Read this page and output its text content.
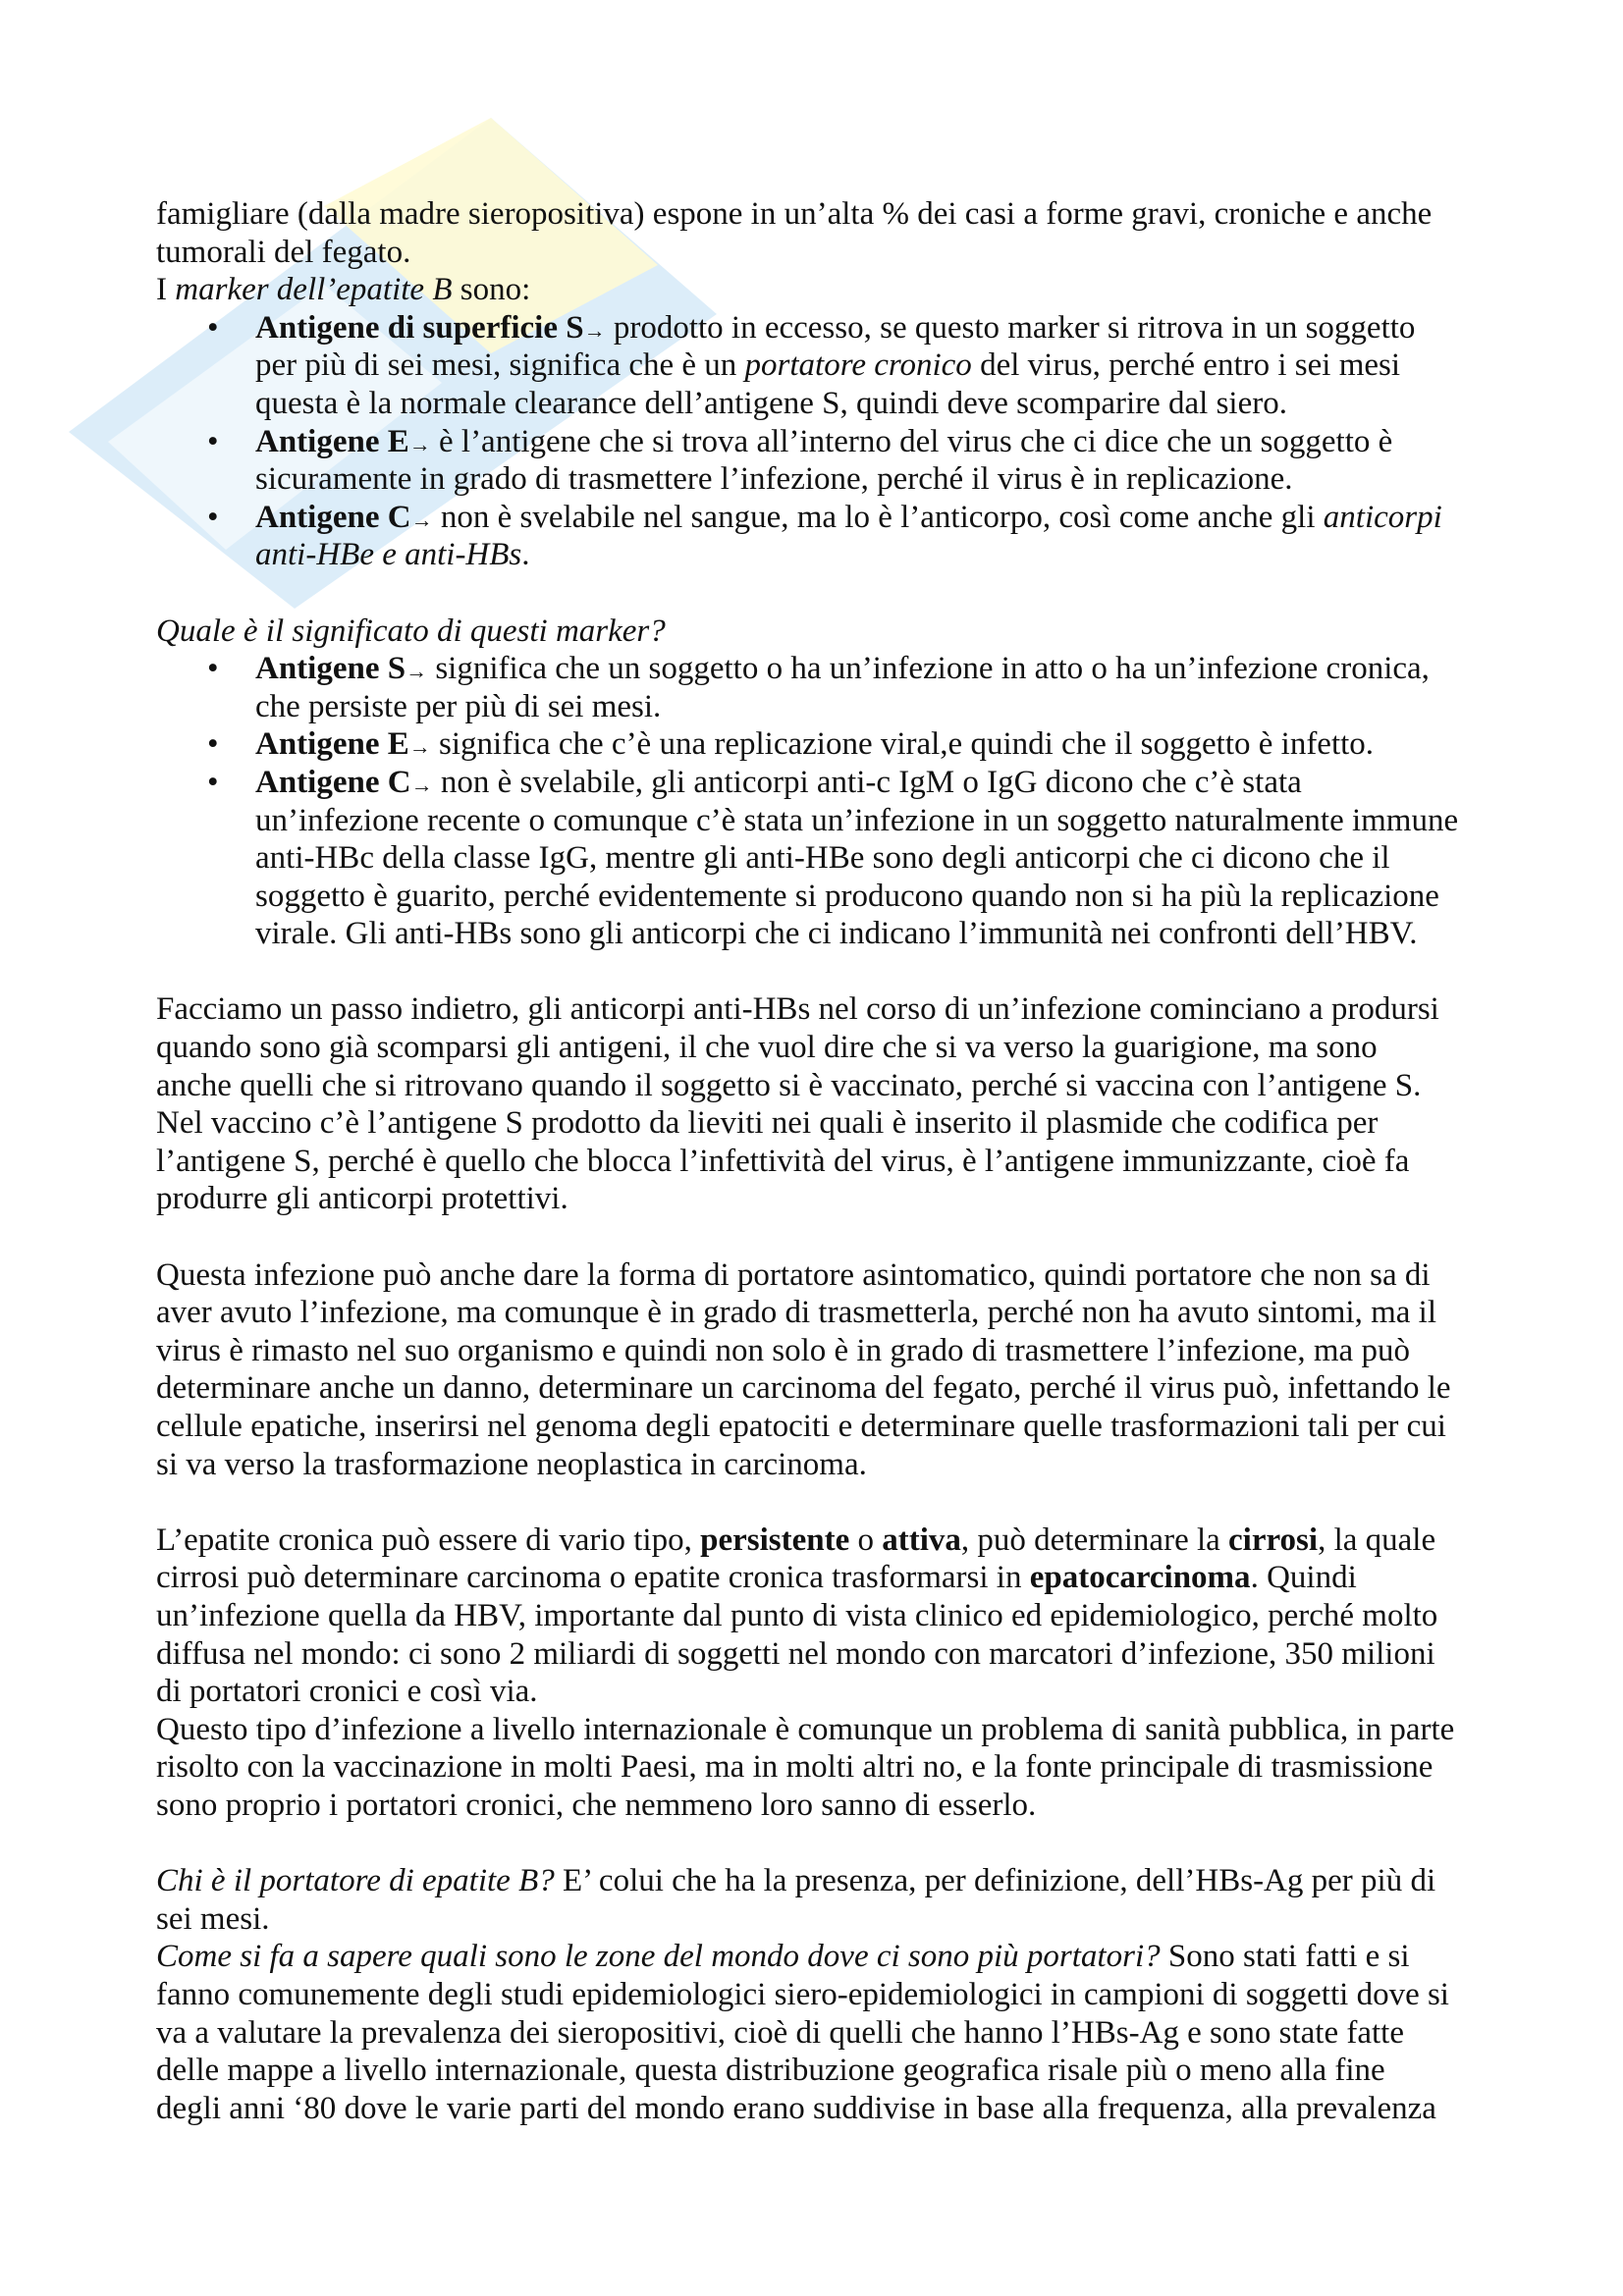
famigliare (dalla madre sieropositiva) espone in un’alta % dei casi a forme gravi, croniche e anche
tumorali del fegato.
I marker dell’epatite B sono:
• Antigene di superficie S→ prodotto in eccesso, se questo marker si ritrova in un soggetto
per più di sei mesi, significa che è un portatore cronico del virus, perché entro i sei mesi
questa è la normale clearance dell’antigene S, quindi deve scomparire dal siero.
• Antigene E→ è l’antigene che si trova all’interno del virus che ci dice che un soggetto è
sicuramente in grado di trasmettere l’infezione, perché il virus è in replicazione.
• Antigene C→ non è svelabile nel sangue, ma lo è l’anticorpo, così come anche gli anticorpi
anti-HBe e anti-HBs.
Quale è il significato di questi marker?
• Antigene S→ significa che un soggetto o ha un’infezione in atto o ha un’infezione cronica,
che persiste per più di sei mesi.
• Antigene E→ significa che c’è una replicazione viral,e quindi che il soggetto è infetto.
• Antigene C→ non è svelabile, gli anticorpi anti-c IgM o IgG dicono che c’è stata
un’infezione recente o comunque c’è stata un’infezione in un soggetto naturalmente immune
anti-HBc della classe IgG, mentre gli anti-HBe sono degli anticorpi che ci dicono che il
soggetto è guarito, perché evidentemente si producono quando non si ha più la replicazione
virale. Gli anti-HBs sono gli anticorpi che ci indicano l’immunità nei confronti dell’HBV.
Facciamo un passo indietro, gli anticorpi anti-HBs nel corso di un’infezione cominciano a prodursi
quando sono già scomparsi gli antigeni, il che vuol dire che si va verso la guarigione, ma sono
anche quelli che si ritrovano quando il soggetto si è vaccinato, perché si vaccina con l’antigene S.
Nel vaccino c’è l’antigene S prodotto da lieviti nei quali è inserito il plasmide che codifica per
l’antigene S, perché è quello che blocca l’infettività del virus, è l’antigene immunizzante, cioè fa
produrre gli anticorpi protettivi.
Questa infezione può anche dare la forma di portatore asintomatico, quindi portatore che non sa di
aver avuto l’infezione, ma comunque è in grado di trasmetterla, perché non ha avuto sintomi, ma il
virus è rimasto nel suo organismo e quindi non solo è in grado di trasmettere l’infezione, ma può
determinare anche un danno, determinare un carcinoma del fegato, perché il virus può, infettando le
cellule epatiche, inserirsi nel genoma degli epatociti e determinare quelle trasformazioni tali per cui
si va verso la trasformazione neoplastica in carcinoma.
L’epatite cronica può essere di vario tipo, persistente o attiva, può determinare la cirrosi, la quale
cirrosi può determinare carcinoma o epatite cronica trasformarsi in epatocarcinoma. Quindi
un’infezione quella da HBV, importante dal punto di vista clinico ed epidemiologico, perché molto
diffusa nel mondo: ci sono 2 miliardi di soggetti nel mondo con marcatori d’infezione, 350 milioni
di portatori cronici e così via.
Questo tipo d’infezione a livello internazionale è comunque un problema di sanità pubblica, in parte
risolto con la vaccinazione in molti Paesi, ma in molti altri no, e la fonte principale di trasmissione
sono proprio i portatori cronici, che nemmeno loro sanno di esserlo.
Chi è il portatore di epatite B? E’ colui che ha la presenza, per definizione, dell’HBs-Ag per più di
sei mesi.
Come si fa a sapere quali sono le zone del mondo dove ci sono più portatori? Sono stati fatti e si
fanno comunemente degli studi epidemiologici siero-epidemiologici in campioni di soggetti dove si
va a valutare la prevalenza dei sieropositivi, cioè di quelli che hanno l’HBs-Ag e sono state fatte
delle mappe a livello internazionale, questa distribuzione geografica risale più o meno alla fine
degli anni ‘80 dove le varie parti del mondo erano suddivise in base alla frequenza, alla prevalenza
